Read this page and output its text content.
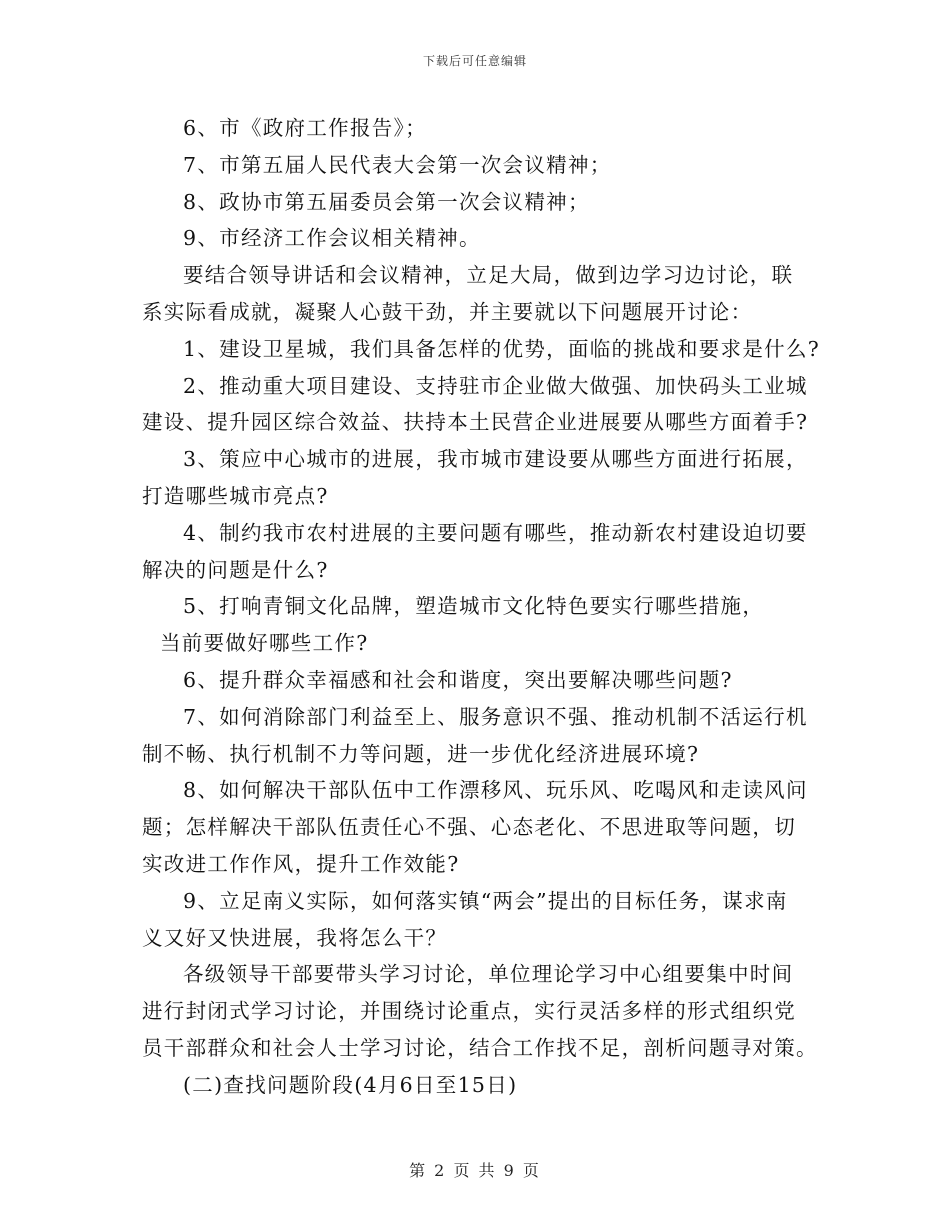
下载后可任意编辑
6、市《政府工作报告》；
7、市第五届人民代表大会第一次会议精神；
8、政协市第五届委员会第一次会议精神；
9、市经济工作会议相关精神。
要结合领导讲话和会议精神，立足大局，做到边学习边讨论，联
系实际看成就，凝聚人心鼓干劲，并主要就以下问题展开讨论：
1、建设卫星城，我们具备怎样的优势，面临的挑战和要求是什么?
2、推动重大项目建设、支持驻市企业做大做强、加快码头工业城
建设、提升园区综合效益、扶持本土民营企业进展要从哪些方面着手?
3、策应中心城市的进展，我市城市建设要从哪些方面进行拓展，
打造哪些城市亮点?
4、制约我市农村进展的主要问题有哪些，推动新农村建设迫切要
解决的问题是什么?
5、打响青铜文化品牌，塑造城市文化特色要实行哪些措施，
当前要做好哪些工作?
6、提升群众幸福感和社会和谐度，突出要解决哪些问题?
7、如何消除部门利益至上、服务意识不强、推动机制不活运行机
制不畅、执行机制不力等问题，进一步优化经济进展环境?
8、如何解决干部队伍中工作漂移风、玩乐风、吃喝风和走读风问
题；怎样解决干部队伍责任心不强、心态老化、不思进取等问题，切
实改进工作作风，提升工作效能?
9、立足南义实际，如何落实镇“两会”提出的目标任务，谋求南
义又好又快进展，我将怎么干？
各级领导干部要带头学习讨论，单位理论学习中心组要集中时间
进行封闭式学习讨论，并围绕讨论重点，实行灵活多样的形式组织党
员干部群众和社会人士学习讨论，结合工作找不足，剖析问题寻对策。
(二)查找问题阶段(4月6日至15日)
第 2 页 共 9 页
